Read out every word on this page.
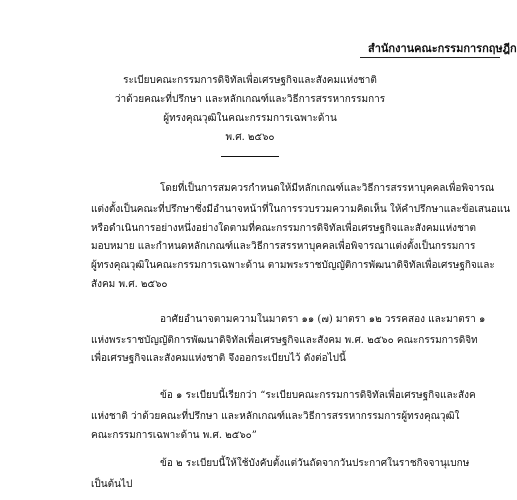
สำนักงานคณะกรรมการกฤษฎีก
ระเบียบคณะกรรมการดิจิทัลเพื่อเศรษฐกิจและสังคมแห่งชาติ
ว่าด้วยคณะที่ปรึกษา และหลักเกณฑ์และวิธีการสรรหากรรมการ
ผู้ทรงคุณวุฒิในคณะกรรมการเฉพาะด้าน
พ.ศ. ๒๕๖๐
โดยที่เป็นการสมควรกำหนดให้มีหลักเกณฑ์และวิธีการสรรหาบุคคลเพื่อพิจารณ
แต่งตั้งเป็นคณะที่ปรึกษาซึ่งมีอำนาจหน้าที่ในการรวบรวมความคิดเห็น ให้คำปรึกษาและข้อเสนอแน
หรือดำเนินการอย่างหนึ่งอย่างใดตามที่คณะกรรมการดิจิทัลเพื่อเศรษฐกิจและสังคมแห่งชาต
มอบหมาย และกำหนดหลักเกณฑ์และวิธีการสรรหาบุคคลเพื่อพิจารณาแต่งตั้งเป็นกรรมการ
ผู้ทรงคุณวุฒิในคณะกรรมการเฉพาะด้าน ตามพระราชบัญญัติการพัฒนาดิจิทัลเพื่อเศรษฐกิจและ
สังคม พ.ศ. ๒๕๖๐
อาศัยอำนาจตามความในมาตรา ๑๑ (๗) มาตรา ๑๒ วรรคสอง และมาตรา ๑
แห่งพระราชบัญญัติการพัฒนาดิจิทัลเพื่อเศรษฐกิจและสังคม พ.ศ. ๒๕๖๐ คณะกรรมการดิจิท
เพื่อเศรษฐกิจและสังคมแห่งชาติ จึงออกระเบียบไว้ ดังต่อไปนี้
ข้อ ๑ ระเบียบนี้เรียกว่า “ระเบียบคณะกรรมการดิจิทัลเพื่อเศรษฐกิจและสังค
แห่งชาติ ว่าด้วยคณะที่ปรึกษา และหลักเกณฑ์และวิธีการสรรหากรรมการผู้ทรงคุณวุฒิใ
คณะกรรมการเฉพาะด้าน พ.ศ. ๒๕๖๐”
ข้อ ๒ ระเบียบนี้ให้ใช้บังคับตั้งแต่วันถัดจากวันประกาศในราชกิจจานุเบกษ
เป็นต้นไป
